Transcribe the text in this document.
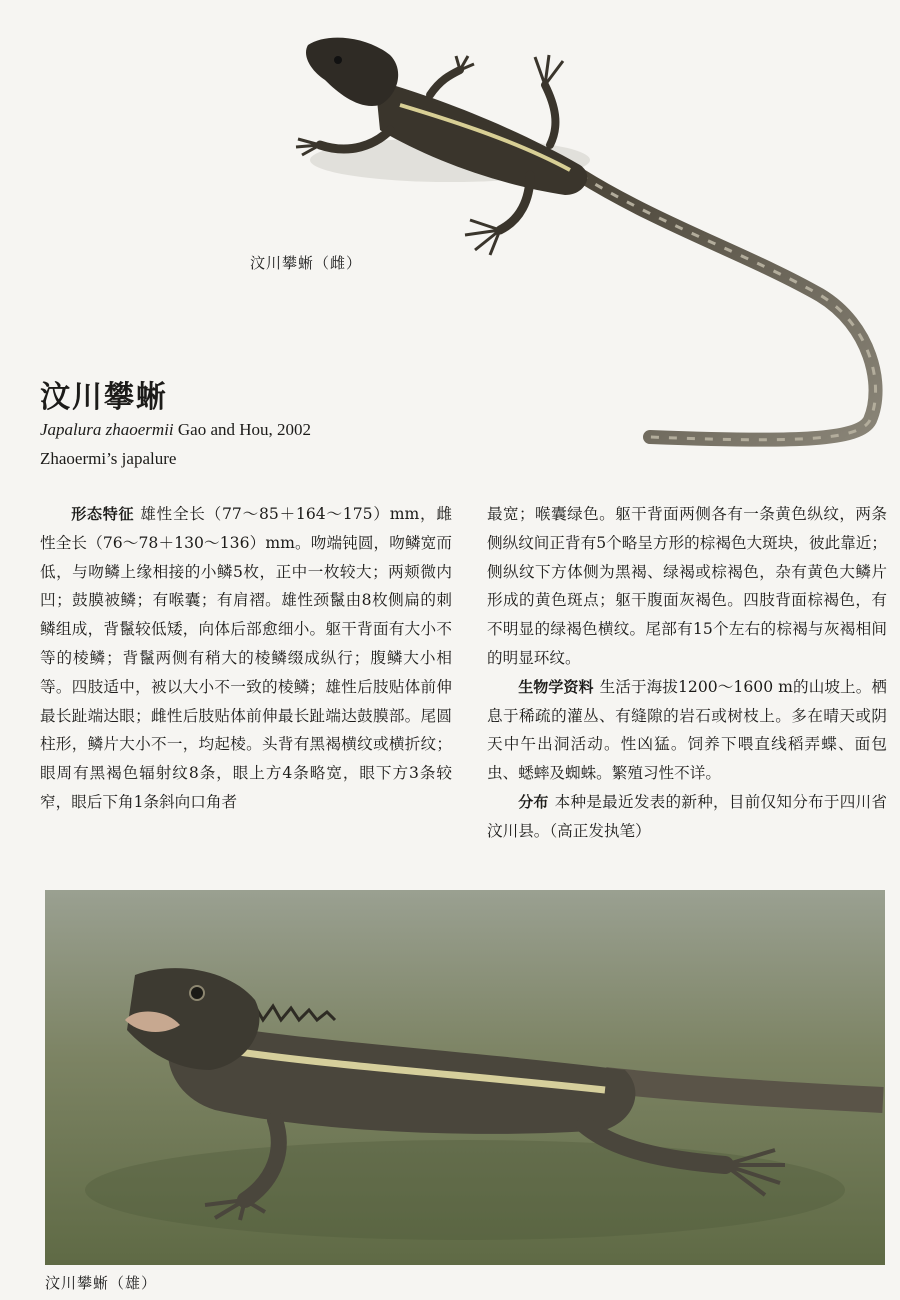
汶川攀蜥（雌）
汶川攀蜥
Japalura zhaoermii Gao and Hou, 2002
Zhaoermi’s japalure

形态特征 雄性全长（77～85＋164～175）mm，雌性全长（76～78＋130～136）mm。吻端钝圆，吻鳞宽而低，与吻鳞上缘相接的小鳞5枚，正中一枚较大；两颊微内凹；鼓膜被鳞；有喉囊；有肩褶。雄性颈鬣由8枚侧扁的刺鳞组成，背鬣较低矮，向体后部愈细小。躯干背面有大小不等的棱鳞；背鬣两侧有稍大的棱鳞缀成纵行；腹鳞大小相等。四肢适中，被以大小不一致的棱鳞；雄性后肢贴体前伸最长趾端达眼；雌性后肢贴体前伸最长趾端达鼓膜部。尾圆柱形，鳞片大小不一，均起棱。头背有黑褐横纹或横折纹；眼周有黑褐色辐射纹8条，眼上方4条略宽，眼下方3条较窄，眼后下角1条斜向口角者

最宽；喉囊绿色。躯干背面两侧各有一条黄色纵纹，两条侧纵纹间正背有5个略呈方形的棕褐色大斑块，彼此靠近；侧纵纹下方体侧为黑褐、绿褐或棕褐色，杂有黄色大鳞片形成的黄色斑点；躯干腹面灰褐色。四肢背面棕褐色，有不明显的绿褐色横纹。尾部有15个左右的棕褐与灰褐相间的明显环纹。

生物学资料 生活于海拔1200～1600 m的山坡上。栖息于稀疏的灌丛、有缝隙的岩石或树枝上。多在晴天或阴天中午出洞活动。性凶猛。饲养下喂直线稻弄蝶、面包虫、蟋蟀及蜘蛛。繁殖习性不详。

分布 本种是最近发表的新种，目前仅知分布于四川省汶川县。（高正发执笔）

汶川攀蜥（雄）
